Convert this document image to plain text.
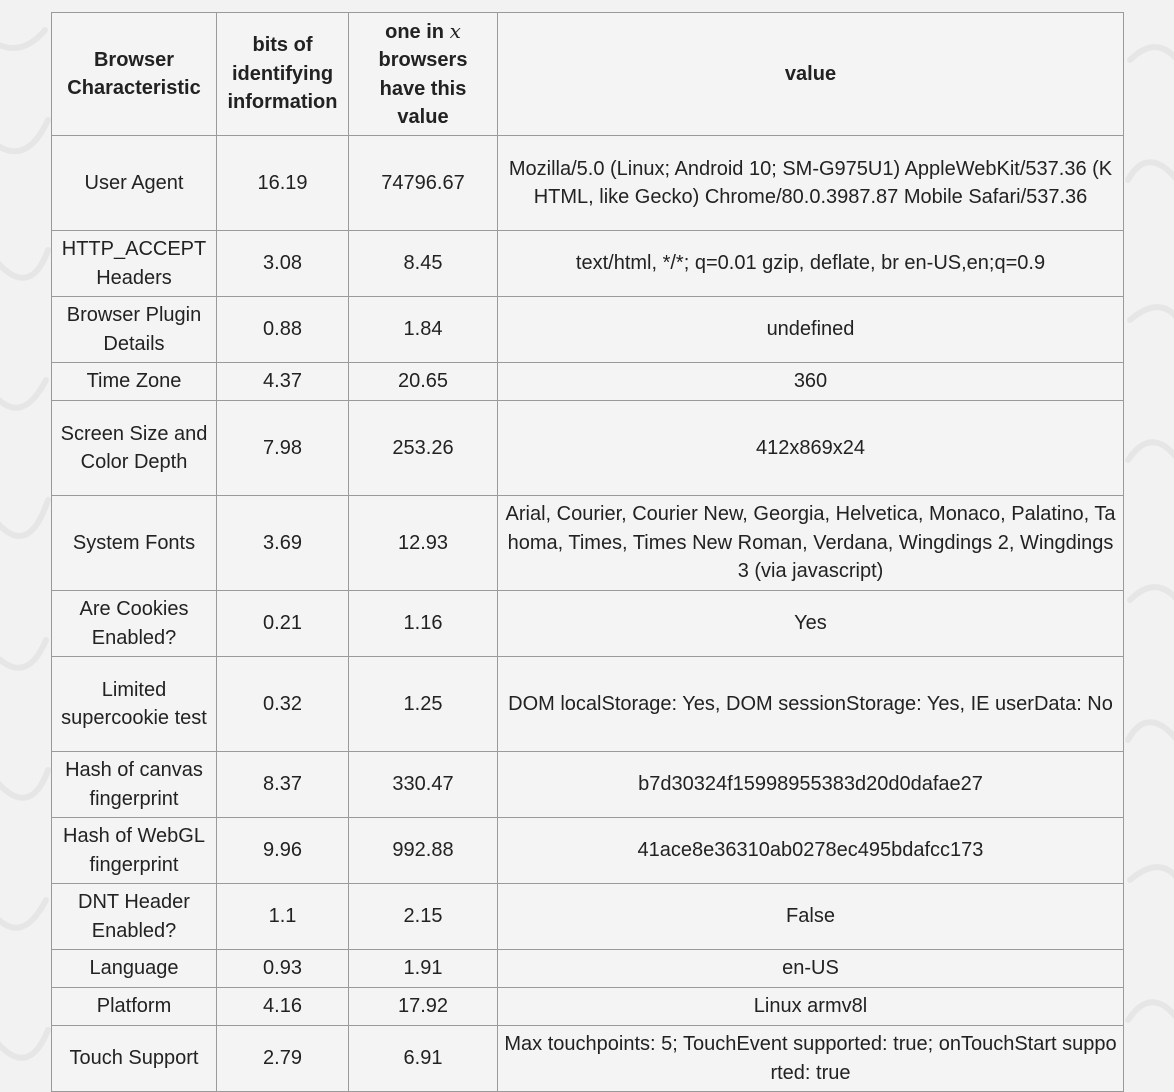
Browser Characteristic	bits of identifying information	one in x browsers have this value	value
User Agent	16.19	74796.67	Mozilla/5.0 (Linux; Android 10; SM-G975U1) AppleWebKit/537.36 (KHTML, like Gecko) Chrome/80.0.3987.87 Mobile Safari/537.36
HTTP_ACCEPT Headers	3.08	8.45	text/html, */*; q=0.01 gzip, deflate, br en-US,en;q=0.9
Browser Plugin Details	0.88	1.84	undefined
Time Zone	4.37	20.65	360
Screen Size and Color Depth	7.98	253.26	412x869x24
System Fonts	3.69	12.93	Arial, Courier, Courier New, Georgia, Helvetica, Monaco, Palatino, Tahoma, Times, Times New Roman, Verdana, Wingdings 2, Wingdings 3 (via javascript)
Are Cookies Enabled?	0.21	1.16	Yes
Limited supercookie test	0.32	1.25	DOM localStorage: Yes, DOM sessionStorage: Yes, IE userData: No
Hash of canvas fingerprint	8.37	330.47	b7d30324f15998955383d20d0dafae27
Hash of WebGL fingerprint	9.96	992.88	41ace8e36310ab0278ec495bdafcc173
DNT Header Enabled?	1.1	2.15	False
Language	0.93	1.91	en-US
Platform	4.16	17.92	Linux armv8l
Touch Support	2.79	6.91	Max touchpoints: 5; TouchEvent supported: true; onTouchStart supported: true
